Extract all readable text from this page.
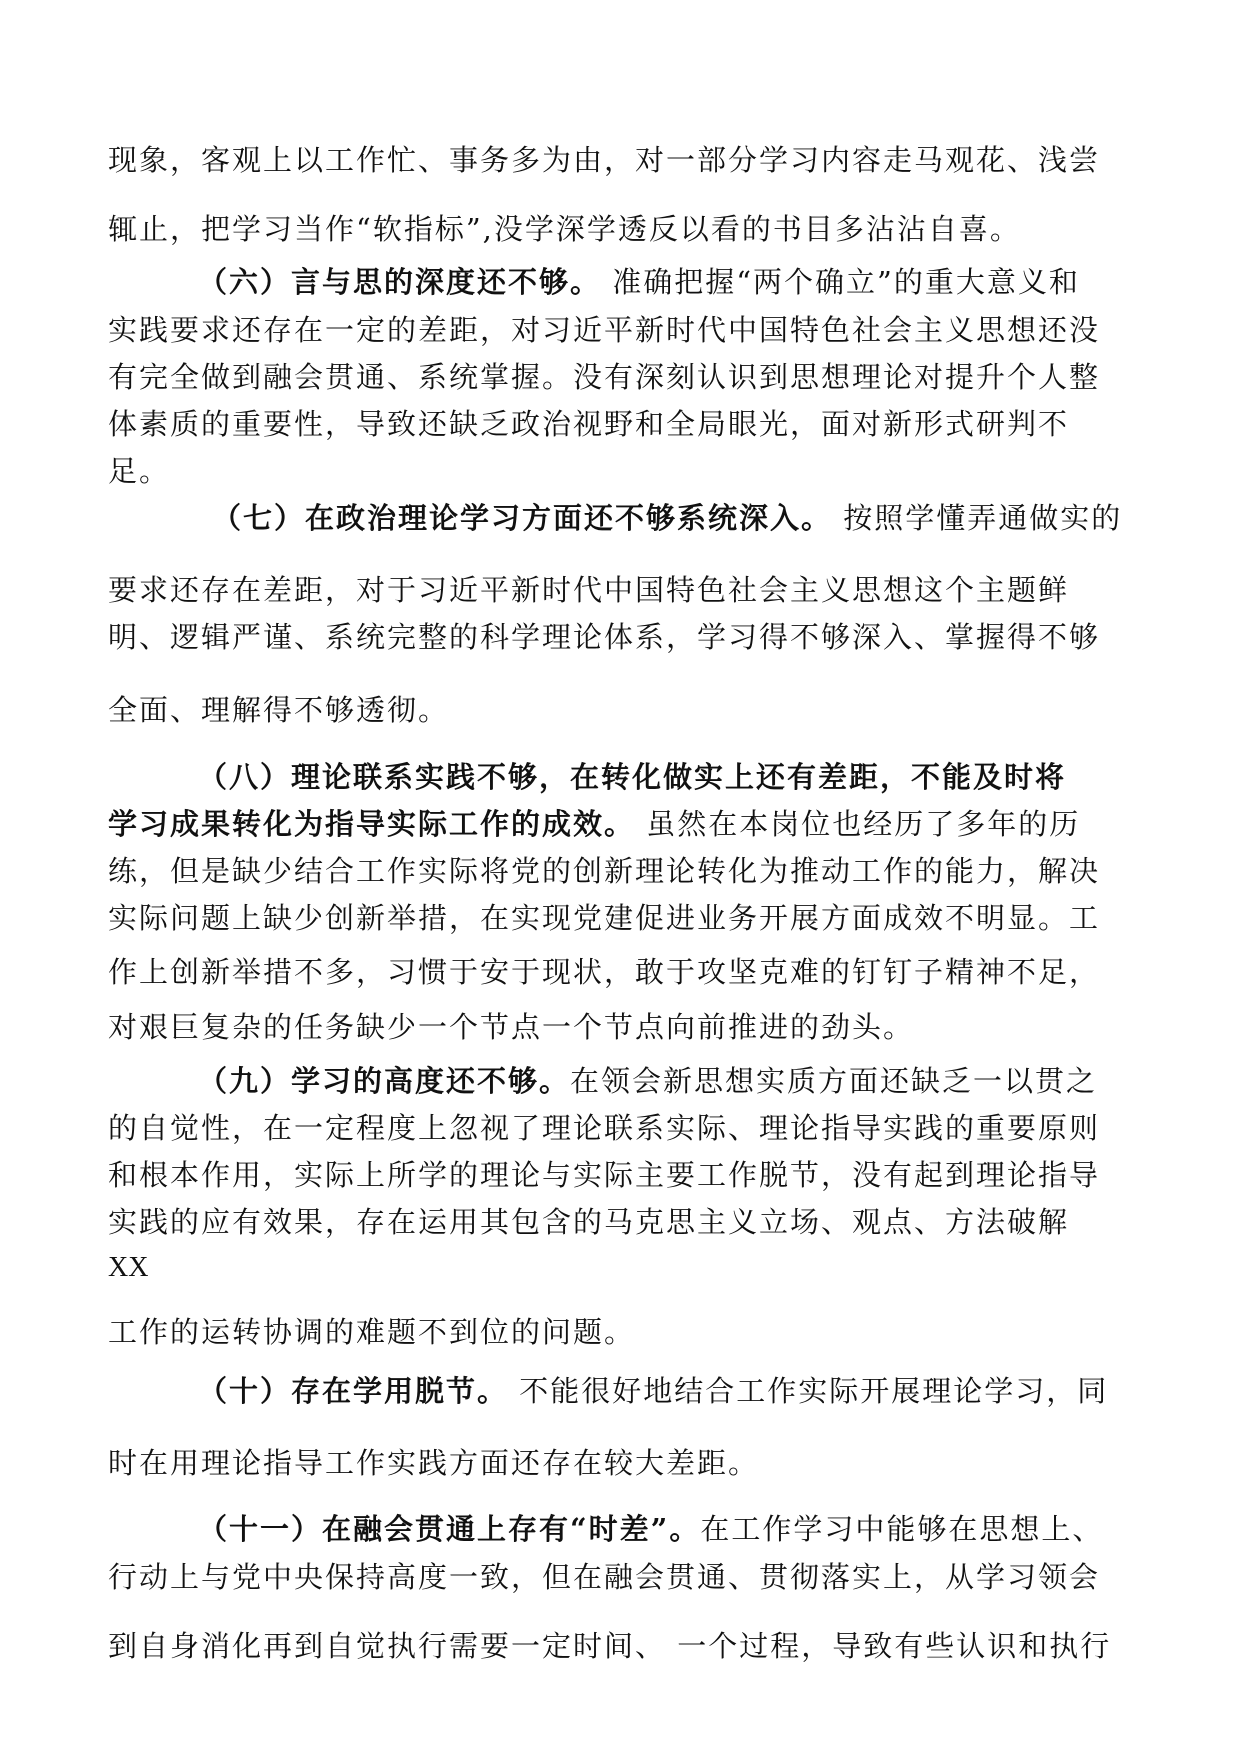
现象，客观上以工作忙、事务多为由，对一部分学习内容走马观花、浅尝
辄止，把学习当作“软指标”,没学深学透反以看的书目多沾沾自喜。
（六）言与思的深度还不够。 准确把握“两个确立”的重大意义和
实践要求还存在一定的差距，对习近平新时代中国特色社会主义思想还没
有完全做到融会贯通、系统掌握。没有深刻认识到思想理论对提升个人整
体素质的重要性，导致还缺乏政治视野和全局眼光，面对新形式研判不
足。
（七）在政治理论学习方面还不够系统深入。 按照学懂弄通做实的
要求还存在差距，对于习近平新时代中国特色社会主义思想这个主题鲜
明、逻辑严谨、系统完整的科学理论体系，学习得不够深入、掌握得不够
全面、理解得不够透彻。
（八）理论联系实践不够，在转化做实上还有差距，不能及时将
学习成果转化为指导实际工作的成效。 虽然在本岗位也经历了多年的历
练，但是缺少结合工作实际将党的创新理论转化为推动工作的能力，解决
实际问题上缺少创新举措，在实现党建促进业务开展方面成效不明显。工
作上创新举措不多，习惯于安于现状，敢于攻坚克难的钉钉子精神不足，
对艰巨复杂的任务缺少一个节点一个节点向前推进的劲头。
（九）学习的高度还不够。在领会新思想实质方面还缺乏一以贯之
的自觉性，在一定程度上忽视了理论联系实际、理论指导实践的重要原则
和根本作用，实际上所学的理论与实际主要工作脱节，没有起到理论指导
实践的应有效果，存在运用其包含的马克思主义立场、观点、方法破解
XX
工作的运转协调的难题不到位的问题。
（十）存在学用脱节。 不能很好地结合工作实际开展理论学习，同
时在用理论指导工作实践方面还存在较大差距。
（十一）在融会贯通上存有“时差”。在工作学习中能够在思想上、
行动上与党中央保持高度一致，但在融会贯通、贯彻落实上，从学习领会
到自身消化再到自觉执行需要一定时间、 一个过程，导致有些认识和执行
